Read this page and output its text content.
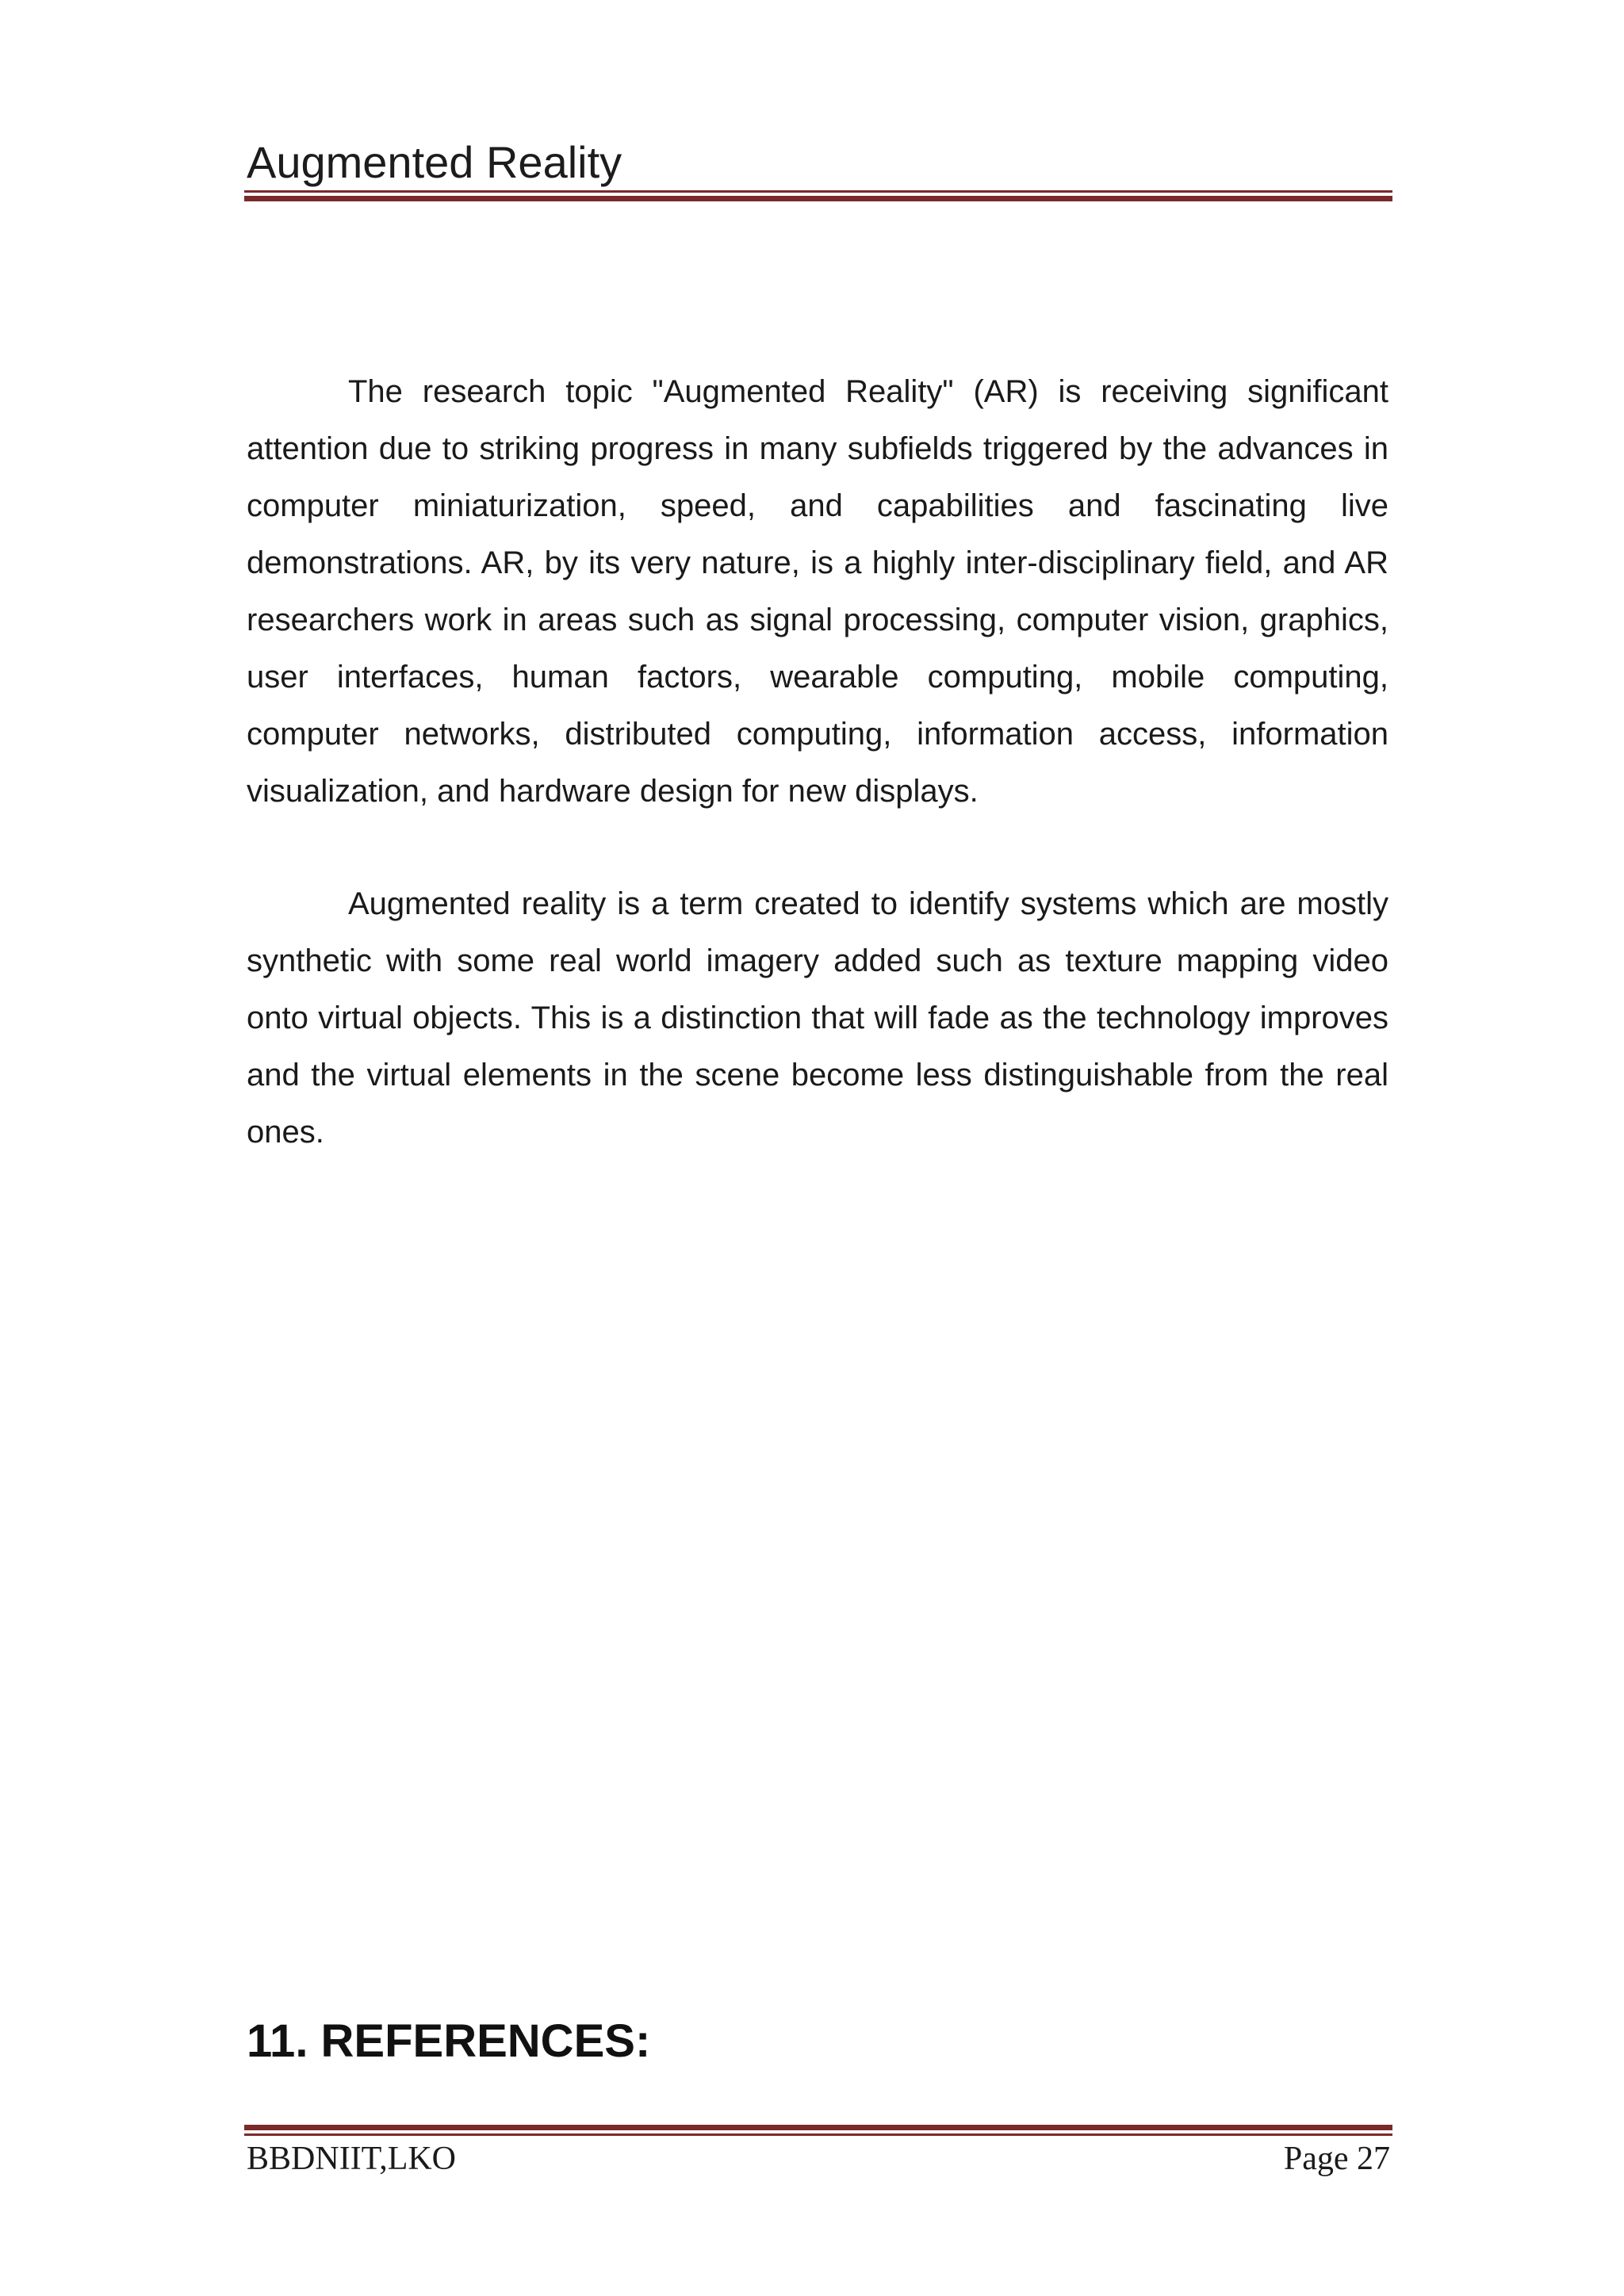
Augmented Reality

The research topic "Augmented Reality" (AR) is receiving significant attention due to striking progress in many subfields triggered by the advances in computer miniaturization, speed, and capabilities and fascinating live demonstrations. AR, by its very nature, is a highly inter-disciplinary field, and AR researchers work in areas such as signal processing, computer vision, graphics, user interfaces, human factors, wearable computing, mobile computing, computer networks, distributed computing, information access, information visualization, and hardware design for new displays.

Augmented reality is a term created to identify systems which are mostly synthetic with some real world imagery added such as texture mapping video onto virtual objects. This is a distinction that will fade as the technology improves and the virtual elements in the scene become less distinguishable from the real ones.

11. REFERENCES:
BBDNIIT,LKO	Page 27
